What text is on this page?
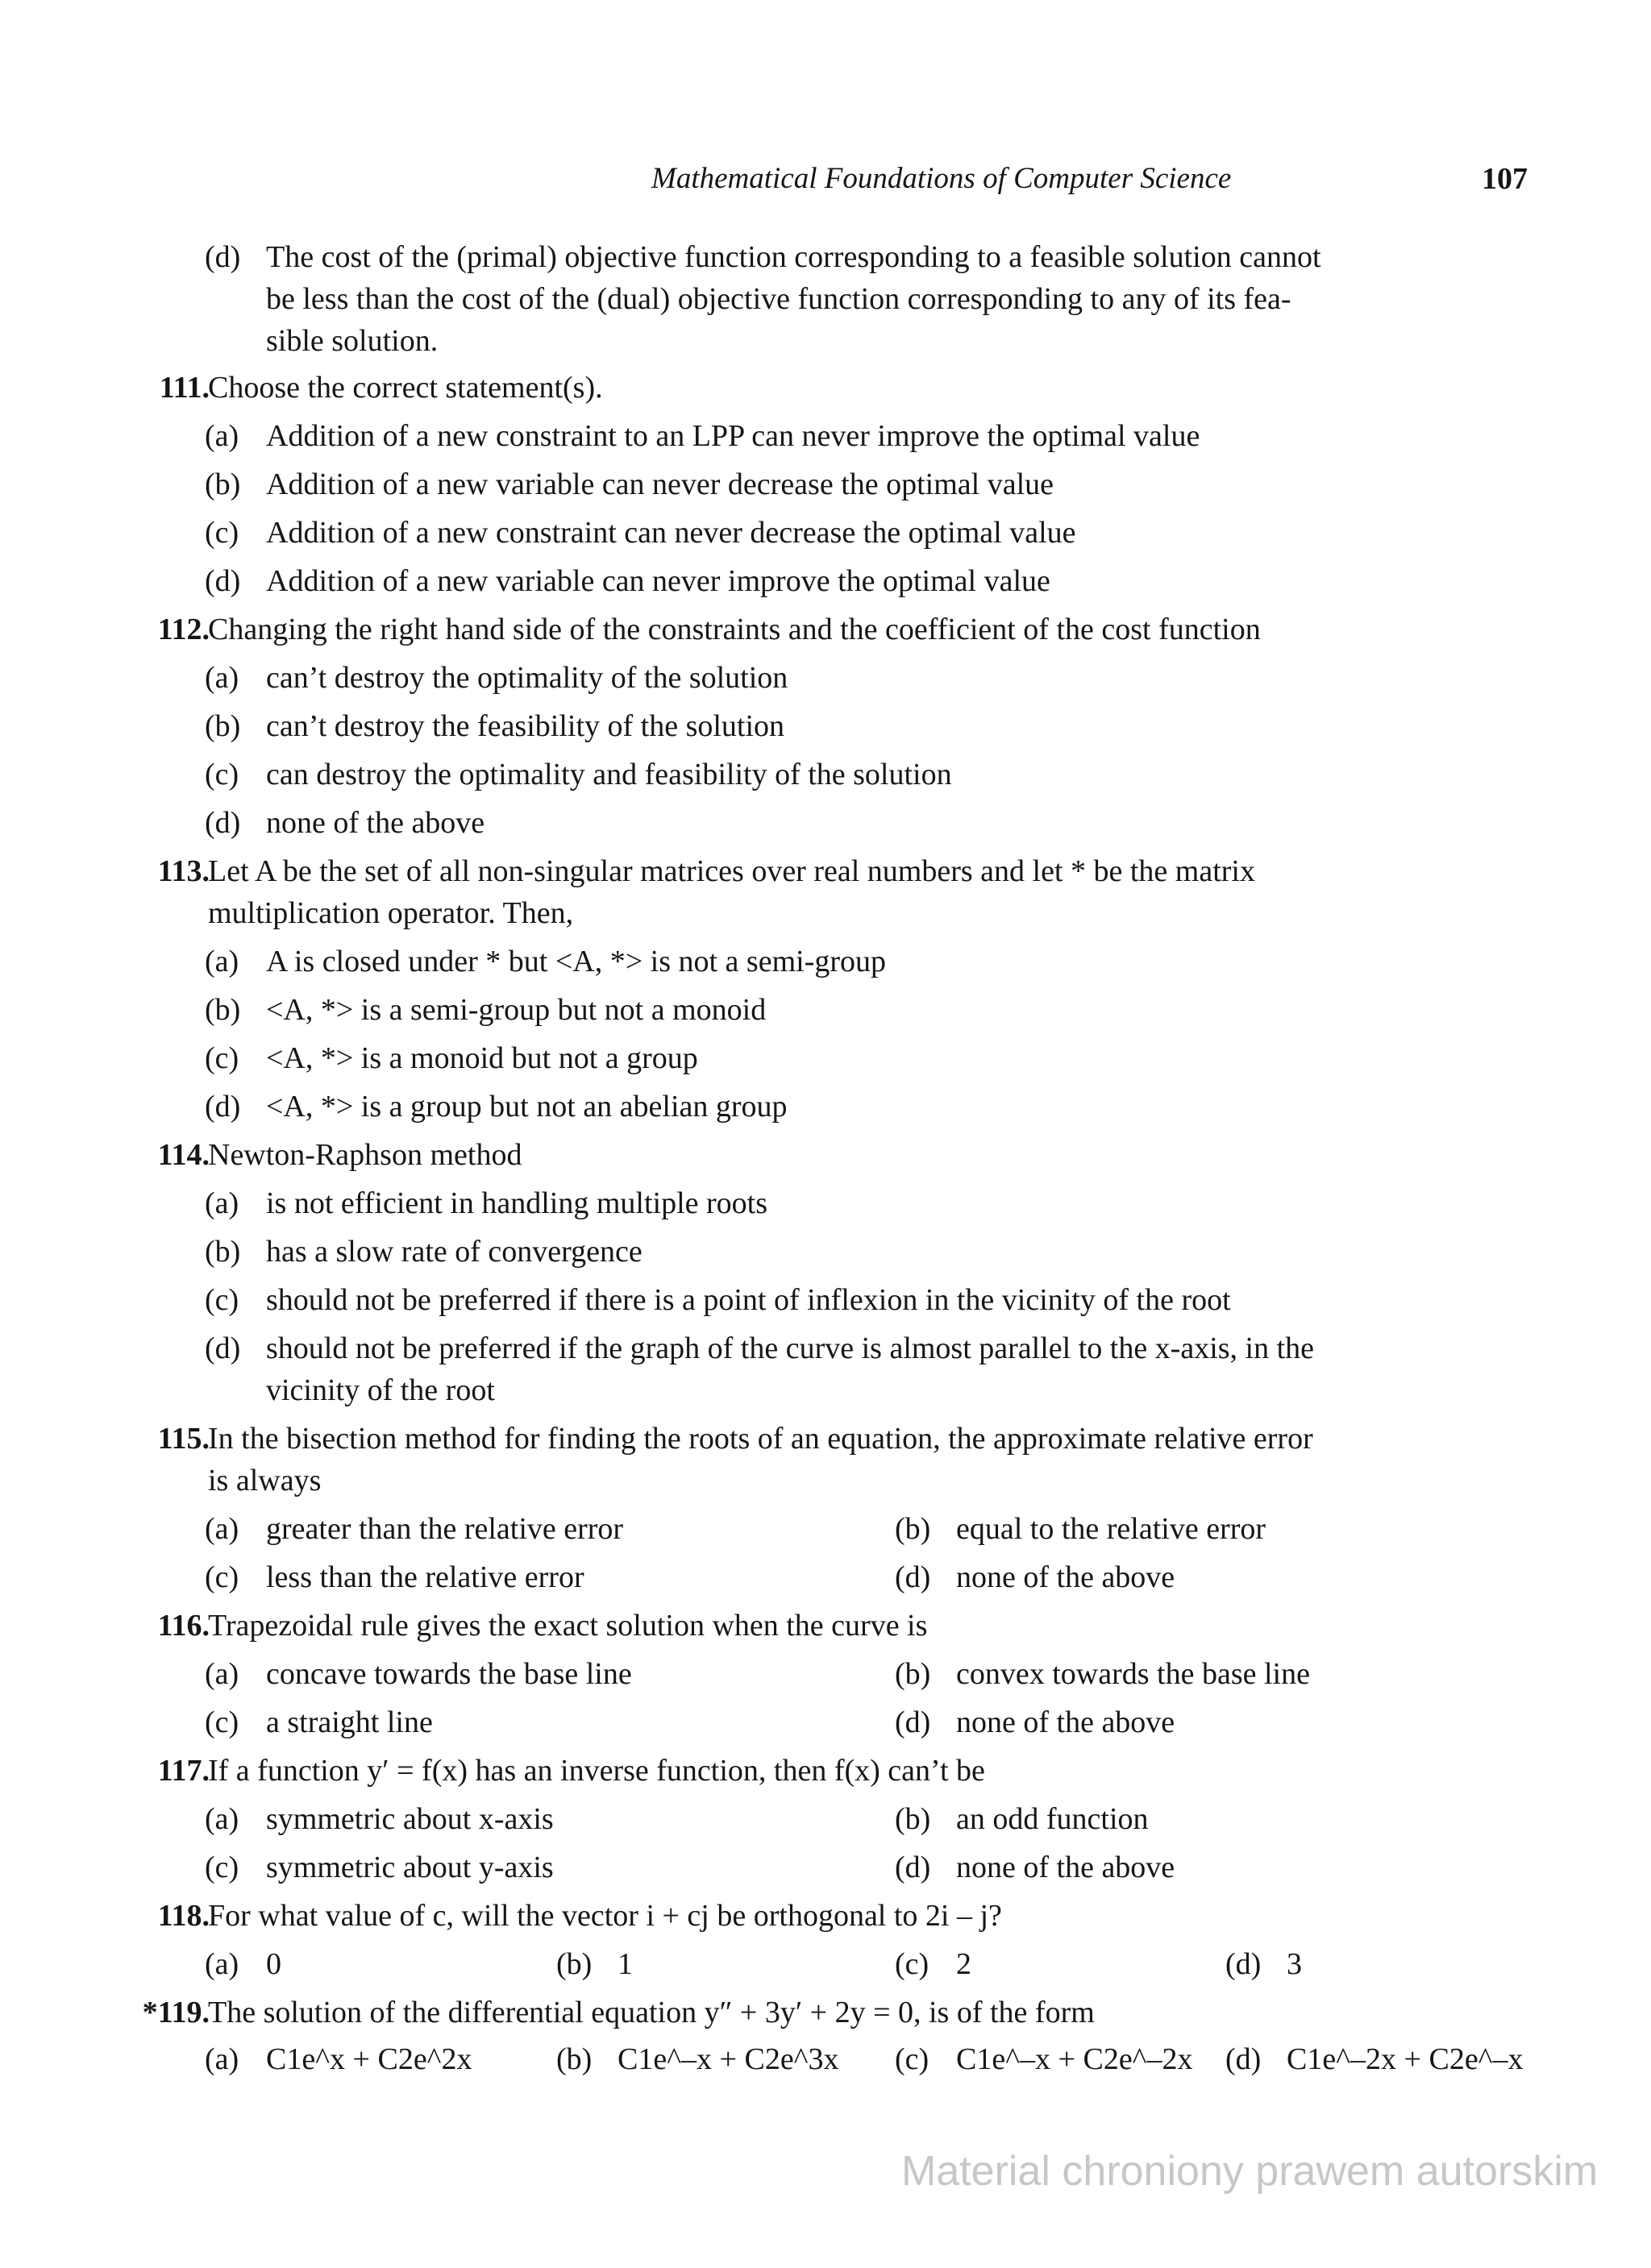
Mathematical Foundations of Computer Science	107
(d) The cost of the (primal) objective function corresponding to a feasible solution cannot
be less than the cost of the (dual) objective function corresponding to any of its fea-
sible solution.
111.
Choose the correct statement(s).
(a) Addition of a new constraint to an LPP can never improve the optimal value
(b) Addition of a new variable can never decrease the optimal value
(c) Addition of a new constraint can never decrease the optimal value
(d) Addition of a new variable can never improve the optimal value
112.
Changing the right hand side of the constraints and the coefficient of the cost function
(a) can’t destroy the optimality of the solution
(b) can’t destroy the feasibility of the solution
(c) can destroy the optimality and feasibility of the solution
(d) none of the above
113.
Let A be the set of all non-singular matrices over real numbers and let * be the matrix
multiplication operator. Then,
(a) A is closed under * but <A, *> is not a semi-group
(b) <A, *> is a semi-group but not a monoid
(c) <A, *> is a monoid but not a group
(d) <A, *> is a group but not an abelian group
114.
Newton-Raphson method
(a) is not efficient in handling multiple roots
(b) has a slow rate of convergence
(c) should not be preferred if there is a point of inflexion in the vicinity of the root
(d) should not be preferred if the graph of the curve is almost parallel to the x-axis, in the
vicinity of the root
115.
In the bisection method for finding the roots of an equation, the approximate relative error
is always
(a) greater than the relative error	(b) equal to the relative error
(c) less than the relative error	(d) none of the above
116.
Trapezoidal rule gives the exact solution when the curve is
(a) concave towards the base line	(b) convex towards the base line
(c) a straight line	(d) none of the above
117.
If a function y′ = f(x) has an inverse function, then f(x) can’t be
(a) symmetric about x-axis	(b) an odd function
(c) symmetric about y-axis	(d) none of the above
118.
For what value of c, will the vector i + cj be orthogonal to 2i – j?
(a) 0	(b) 1	(c) 2	(d) 3
*119.
The solution of the differential equation y″ + 3y′ + 2y = 0, is of the form
(a) C1e^x + C2e^2x	(b) C1e^–x + C2e^3x (c) C1e^–x + C2e^–2x (d) C1e^–2x + C2e^–x
Material chroniony prawem autorskim
